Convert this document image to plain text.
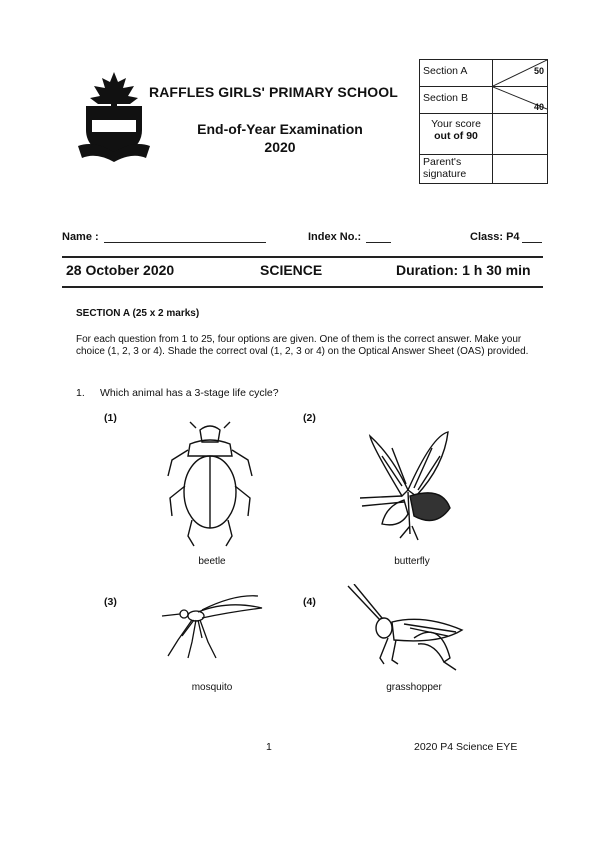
RAFFLES GIRLS' PRIMARY SCHOOL
End-of-Year Examination
2020
Section A	50

Section B	40

Your score
out of 90	

Parent's
signature	

Name :	Index No.:	Class: P4
28 October 2020	SCIENCE	Duration: 1 h 30 min
SECTION A (25 x 2 marks)
For each question from 1 to 25, four options are given. One of them is the correct answer. Make your choice (1, 2, 3 or 4). Shade the correct oval (1, 2, 3 or 4) on the Optical Answer Sheet (OAS) provided.
1. Which animal has a 3-stage life cycle?
(1)	(2)
(3)	(4)
beetle	butterfly
mosquito	grasshopper
1	2020 P4 Science EYE
